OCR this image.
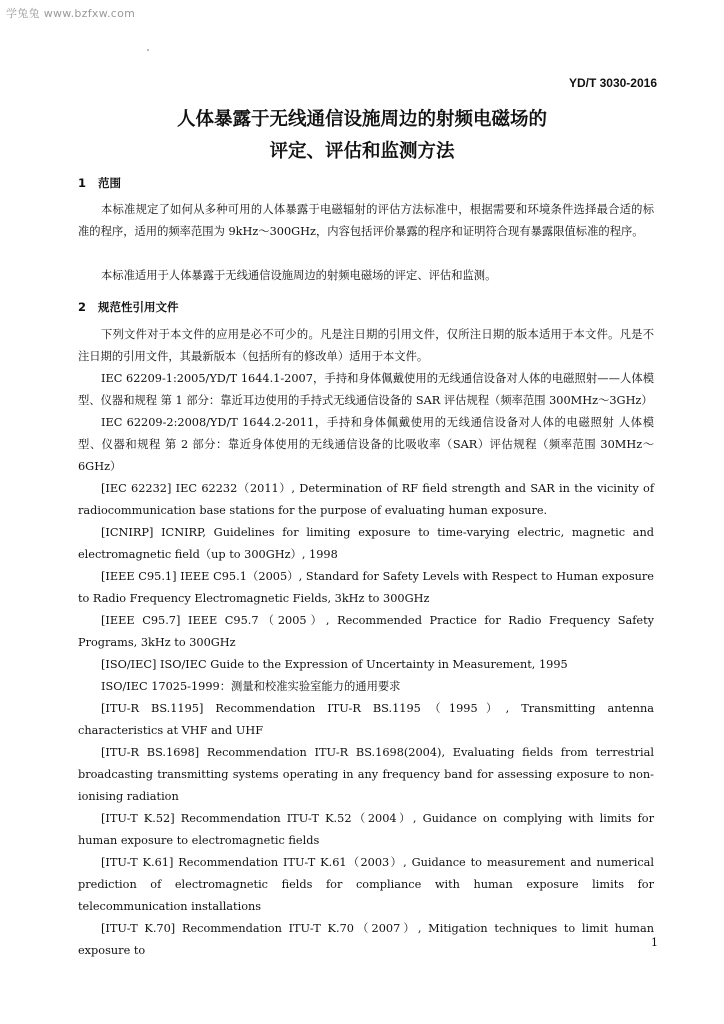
学兔兔 www.bzfxw.com
YD/T 3030-2016
人体暴露于无线通信设施周边的射频电磁场的
评定、评估和监测方法
1 范围

本标准规定了如何从多种可用的人体暴露于电磁辐射的评估方法标准中，根据需要和环境条件选择最合适的标准的程序，适用的频率范围为 9kHz～300GHz，内容包括评价暴露的程序和证明符合现有暴露限值标准的程序。

本标准适用于人体暴露于无线通信设施周边的射频电磁场的评定、评估和监测。

2 规范性引用文件

下列文件对于本文件的应用是必不可少的。凡是注日期的引用文件，仅所注日期的版本适用于本文件。凡是不注日期的引用文件，其最新版本（包括所有的修改单）适用于本文件。

IEC 62209-1:2005/YD/T 1644.1-2007，手持和身体佩戴使用的无线通信设备对人体的电磁照射——人体模型、仪器和规程 第 1 部分：靠近耳边使用的手持式无线通信设备的 SAR 评估规程（频率范围 300MHz～3GHz）

IEC 62209-2:2008/YD/T 1644.2-2011，手持和身体佩戴使用的无线通信设备对人体的电磁照射 人体模型、仪器和规程 第 2 部分：靠近身体使用的无线通信设备的比吸收率（SAR）评估规程（频率范围 30MHz～6GHz）

[IEC 62232] IEC 62232（2011）, Determination of RF field strength and SAR in the vicinity of radiocommunication base stations for the purpose of evaluating human exposure.

[ICNIRP] ICNIRP, Guidelines for limiting exposure to time-varying electric, magnetic and electromagnetic field（up to 300GHz）, 1998

[IEEE C95.1] IEEE C95.1（2005）, Standard for Safety Levels with Respect to Human exposure to Radio Frequency Electromagnetic Fields, 3kHz to 300GHz

[IEEE C95.7] IEEE C95.7（2005）, Recommended Practice for Radio Frequency Safety Programs, 3kHz to 300GHz

[ISO/IEC] ISO/IEC Guide to the Expression of Uncertainty in Measurement, 1995

ISO/IEC 17025-1999：测量和校准实验室能力的通用要求

[ITU-R BS.1195] Recommendation ITU-R BS.1195（1995）, Transmitting antenna characteristics at VHF and UHF

[ITU-R BS.1698] Recommendation ITU-R BS.1698(2004), Evaluating fields from terrestrial broadcasting transmitting systems operating in any frequency band for assessing exposure to non-ionising radiation

[ITU-T K.52] Recommendation ITU-T K.52（2004）, Guidance on complying with limits for human exposure to electromagnetic fields

[ITU-T K.61] Recommendation ITU-T K.61（2003）, Guidance to measurement and numerical prediction of electromagnetic fields for compliance with human exposure limits for telecommunication installations

[ITU-T K.70] Recommendation ITU-T K.70（2007）, Mitigation techniques to limit human exposure to

1
